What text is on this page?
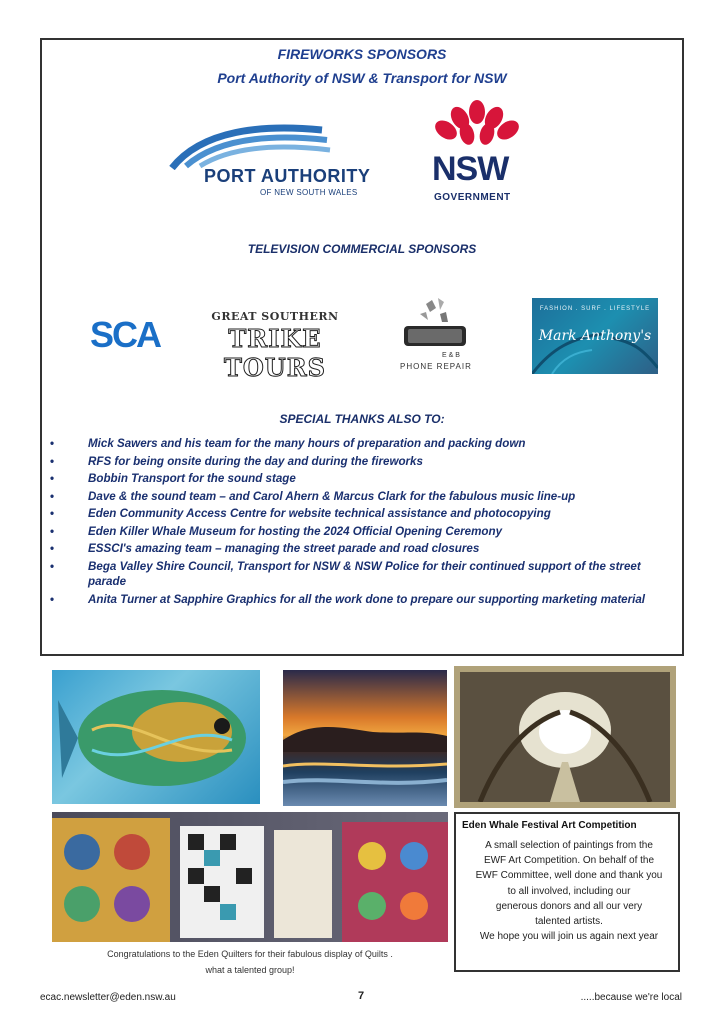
FIREWORKS SPONSORS
Port Authority of NSW & Transport for NSW
PORT AUTHORITY
OF NEW SOUTH WALES
NSW
GOVERNMENT
TELEVISION COMMERCIAL SPONSORS
SCA	GREAT SOUTHERN
TRIKE TOURS	E & B
PHONE REPAIR
FASHION . SURF . LIFESTYLE
Mark Anthony's
SPECIAL THANKS ALSO TO:
•	Mick Sawers and his team for the many hours of preparation and packing down
•	RFS for being onsite during the day and during the fireworks
•	Bobbin Transport for the sound stage
•	Dave & the sound team – and Carol Ahern & Marcus Clark for the fabulous music line-up
•	Eden Community Access Centre for website technical assistance and photocopying
•	Eden Killer Whale Museum for hosting the 2024 Official Opening Ceremony
•	ESSCI's amazing team – managing the street parade and road closures
•	Bega Valley Shire Council, Transport for NSW & NSW Police for their continued support of the street parade
•	Anita Turner at Sapphire Graphics for all the work done to prepare our supporting marketing material
Congratulations to the Eden Quilters for their fabulous display of Quilts .
what a talented group!
Eden Whale Festival Art Competition
A small selection of paintings from the
EWF Art Competition. On behalf of the
EWF Committee, well done and thank you
to all involved, including our
generous donors and all our very
talented artists.
We hope you will join us again next year
ecac.newsletter@eden.nsw.au	7	.....because we're local
